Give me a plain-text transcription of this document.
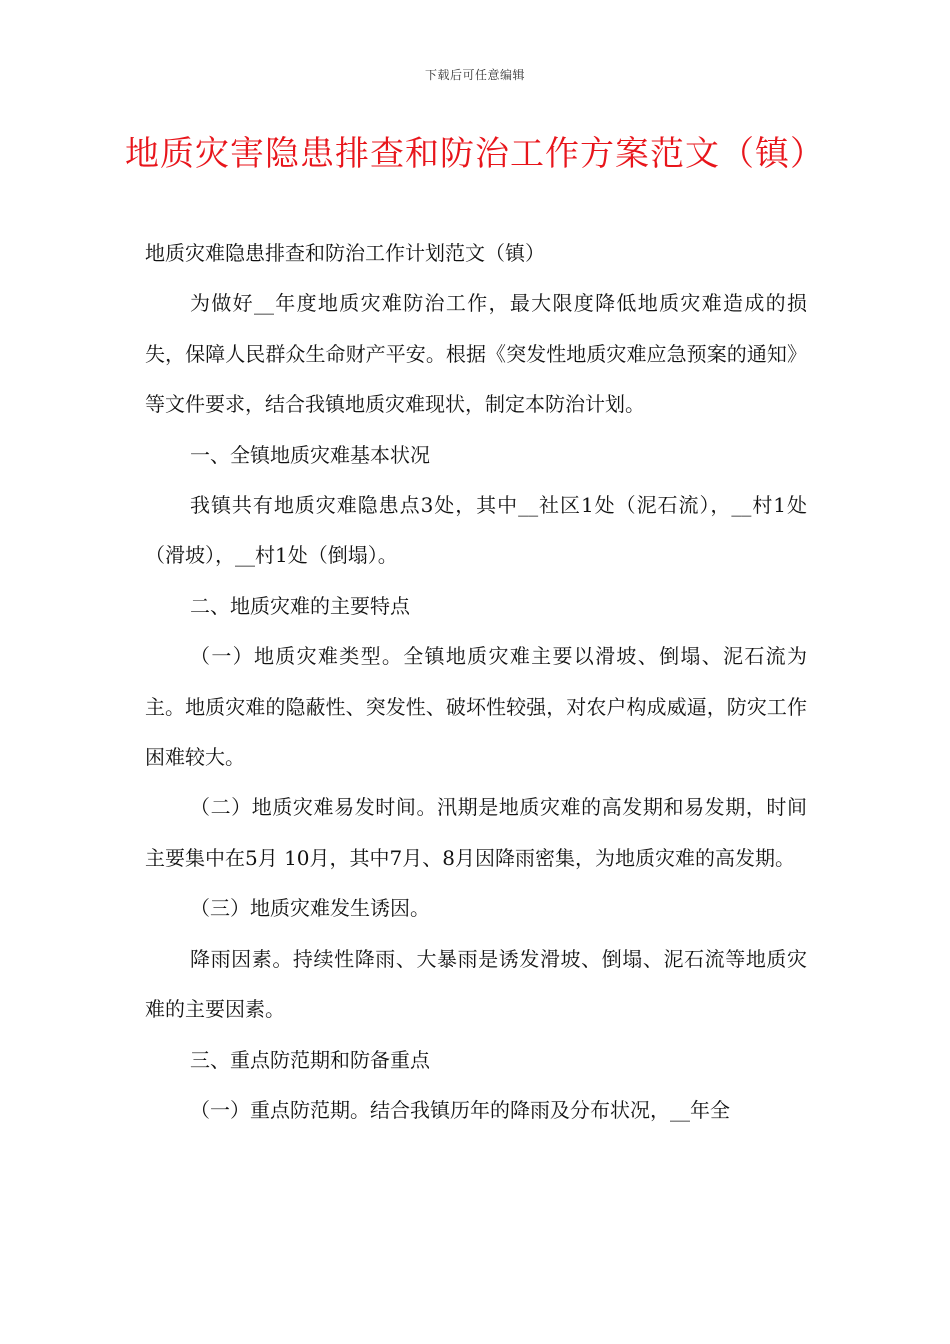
下载后可任意编辑
地质灾害隐患排查和防治工作方案范文（镇）

地质灾难隐患排查和防治工作计划范文（镇）

为做好__年度地质灾难防治工作，最大限度降低地质灾难造成的损失，保障人民群众生命财产平安。根据《突发性地质灾难应急预案的通知》等文件要求，结合我镇地质灾难现状，制定本防治计划。

一、全镇地质灾难基本状况

我镇共有地质灾难隐患点3处，其中__社区1处（泥石流），__村1处（滑坡），__村1处（倒塌）。

二、地质灾难的主要特点

（一）地质灾难类型。全镇地质灾难主要以滑坡、倒塌、泥石流为主。地质灾难的隐蔽性、突发性、破坏性较强，对农户构成威逼，防灾工作困难较大。

（二）地质灾难易发时间。汛期是地质灾难的高发期和易发期，时间主要集中在5月 10月，其中7月、8月因降雨密集，为地质灾难的高发期。

（三）地质灾难发生诱因。

降雨因素。持续性降雨、大暴雨是诱发滑坡、倒塌、泥石流等地质灾难的主要因素。

三、重点防范期和防备重点

（一）重点防范期。结合我镇历年的降雨及分布状况，__年全
